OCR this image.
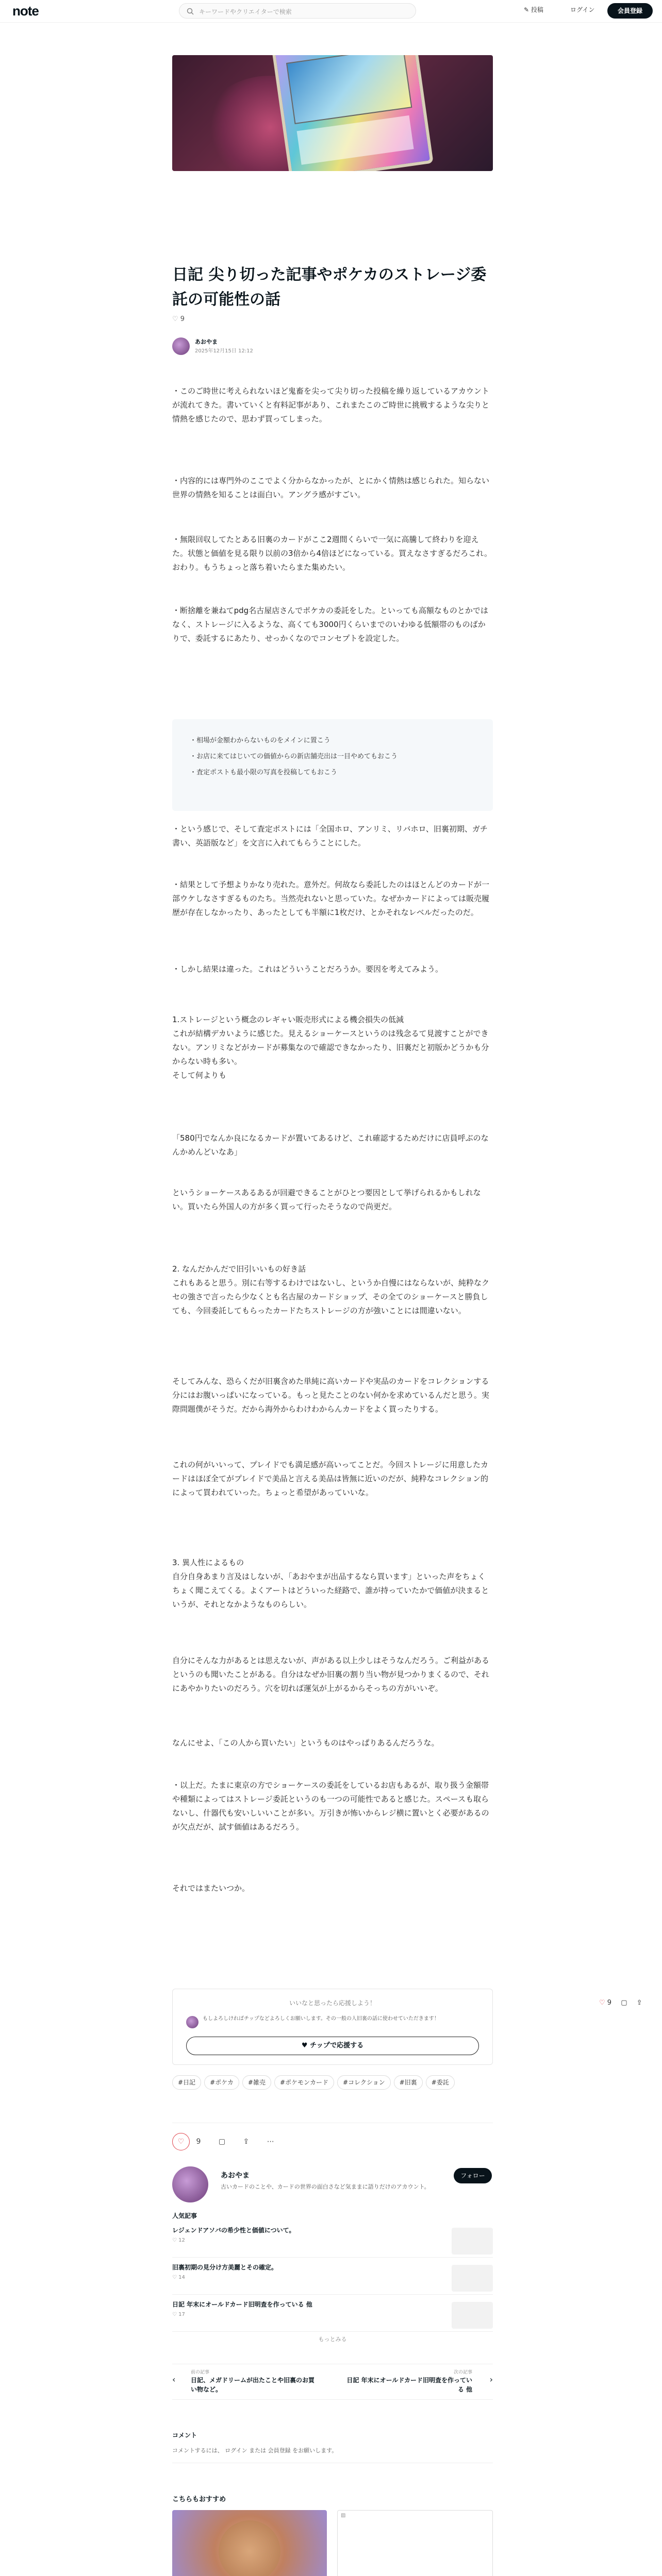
note	キーワードやクリエイターで検索	✎ 投稿	ログイン	会員登録
日記 尖り切った記事やポケカのストレージ委託の可能性の話
♡ 9
あおやま
2025年12月15日 12:12

・このご時世に考えられないほど鬼畜を尖って尖り切った投稿を繰り返しているアカウントが流れてきた。書いていくと有料記事があり、これまたこのご時世に挑戦するような尖りと情熱を感じたので、思わず買ってしまった。

・内容的には専門外のここでよく分からなかったが、とにかく情熱は感じられた。知らない世界の情熱を知ることは面白い。アングラ感がすごい。

・無限回収してたとある旧裏のカードがここ2週間くらいで一気に高騰して終わりを迎えた。状態と価値を見る限り以前の3倍から4倍ほどになっている。買えなさすぎるだろこれ。おわり。もうちょっと落ち着いたらまた集めたい。

・断捨離を兼ねてpdg名古屋店さんでポケカの委託をした。といっても高額なものとかではなく、ストレージに入るような、高くても3000円くらいまでのいわゆる低額帯のものばかりで、委託するにあたり、せっかくなのでコンセプトを設定した。

・相場が金額わからないものをメインに置こう
・お店に来てはじいての価値からの新店舗売出は一目やめてもおこう
・査定ポストも最小限の写真を投稿してもおこう

・という感じで、そして査定ポストには「全国ホロ、アンリミ、リバホロ、旧裏初期、ガチ書い、英語版など」を文言に入れてもらうことにした。

・結果として予想よりかなり売れた。意外だ。何故なら委託したのはほとんどのカードが一部ウケしなさすぎるものたち。当然売れないと思っていた。なぜかカードによっては販売履歴が存在しなかったり、あったとしても半額に1枚だけ、とかそれなレベルだったのだ。

・しかし結果は違った。これはどういうことだろうか。要因を考えてみよう。

1.ストレージという概念のレギャい販売形式による機会損失の低減
これが結構デカいように感じた。見えるショーケースというのは残念るて見渡すことができない。アンリミなどがカードが募集なので確認できなかったり、旧裏だと初版かどうかも分からない時も多い。
そして何よりも

「580円でなんか良になるカードが置いてあるけど、これ確認するためだけに店員呼ぶのなんかめんどいなあ」

というショーケースあるあるが回避できることがひとつ要因として挙げられるかもしれない。買いたら外国人の方が多く買って行ったそうなので尚更だ。

2. なんだかんだで旧引いいもの好き話
これもあると思う。別に右等するわけではないし、というか自慢にはならないが、純粋なクセの強さで言ったら少なくとも名古屋のカードショップ、その全てのショーケースと勝負しても、今回委託してもらったカードたちストレージの方が強いことには間違いない。

そしてみんな、恐らくだが旧裏含めた単純に高いカードや実品のカードをコレクションする分にはお腹いっぱいになっている。もっと見たことのない何かを求めているんだと思う。実際問題僕がそうだ。だから海外からわけわからんカードをよく買ったりする。

これの何がいいって、プレイドでも満足感が高いってことだ。今回ストレージに用意したカードはほぼ全てがプレイドで美品と言える美品は皆無に近いのだが、純粋なコレクション的によって買われていった。ちょっと希望があっていいな。

3. 異人性によるもの
自分自身あまり言及はしないが、「あおやまが出品するなら買います」といった声をちょくちょく聞こえてくる。よくアートはどういった経路で、誰が持っていたかで価値が決まるというが、それとなかようなものらしい。

自分にそんな力があるとは思えないが、声がある以上少しはそうなんだろう。ご利益があるというのも聞いたことがある。自分はなぜか旧裏の割り当い物が見つかりまくるので、それにあやかりたいのだろう。穴を切れば運気が上がるからそっちの方がいいぞ。

なんにせよ、「この人から買いたい」というものはやっぱりあるんだろうな。

・以上だ。たまに東京の方でショーケースの委託をしているお店もあるが、取り扱う金額帯や種類によってはストレージ委託というのも一つの可能性であると感じた。スペースも取らないし、什器代も安いしいいことが多い。万引きが怖いからレジ横に置いとく必要があるのが欠点だが、試す価値はあるだろう。

それではまたいつか。

いいなと思ったら応援しよう！
もしよろしければチップなどよろしくお願いします。その一般の人旧裏の話に使わせていただきます！
♥ チップで応援する
#日記 #ポケカ #雑売 #ポケモンカード #コレクション #旧裏 #委託
♡ 9 ▢ ⇪
♡ 9 ▢ ⇪ ⋯
あおやま
古いカードのことや、カードの世界の面白さなど気ままに語りだけのアカウント。
フォロー
人気記事
レジェンドアソバの希少性と価値について。
♡ 12
旧裏初期の見分け方美麗とその確定。
♡ 14
日記 年末にオールドカード旧明査を作っている 他
♡ 17
もっとみる
‹
前の記事
日記、メガドリームが出たことや旧裏のお買い物など。
次の記事
日記 年末にオールドカード旧明査を作っている 他
›
コメント
コメントするには、 ログイン または 会員登録 をお願いします。
こちらもおすすめ
▨
